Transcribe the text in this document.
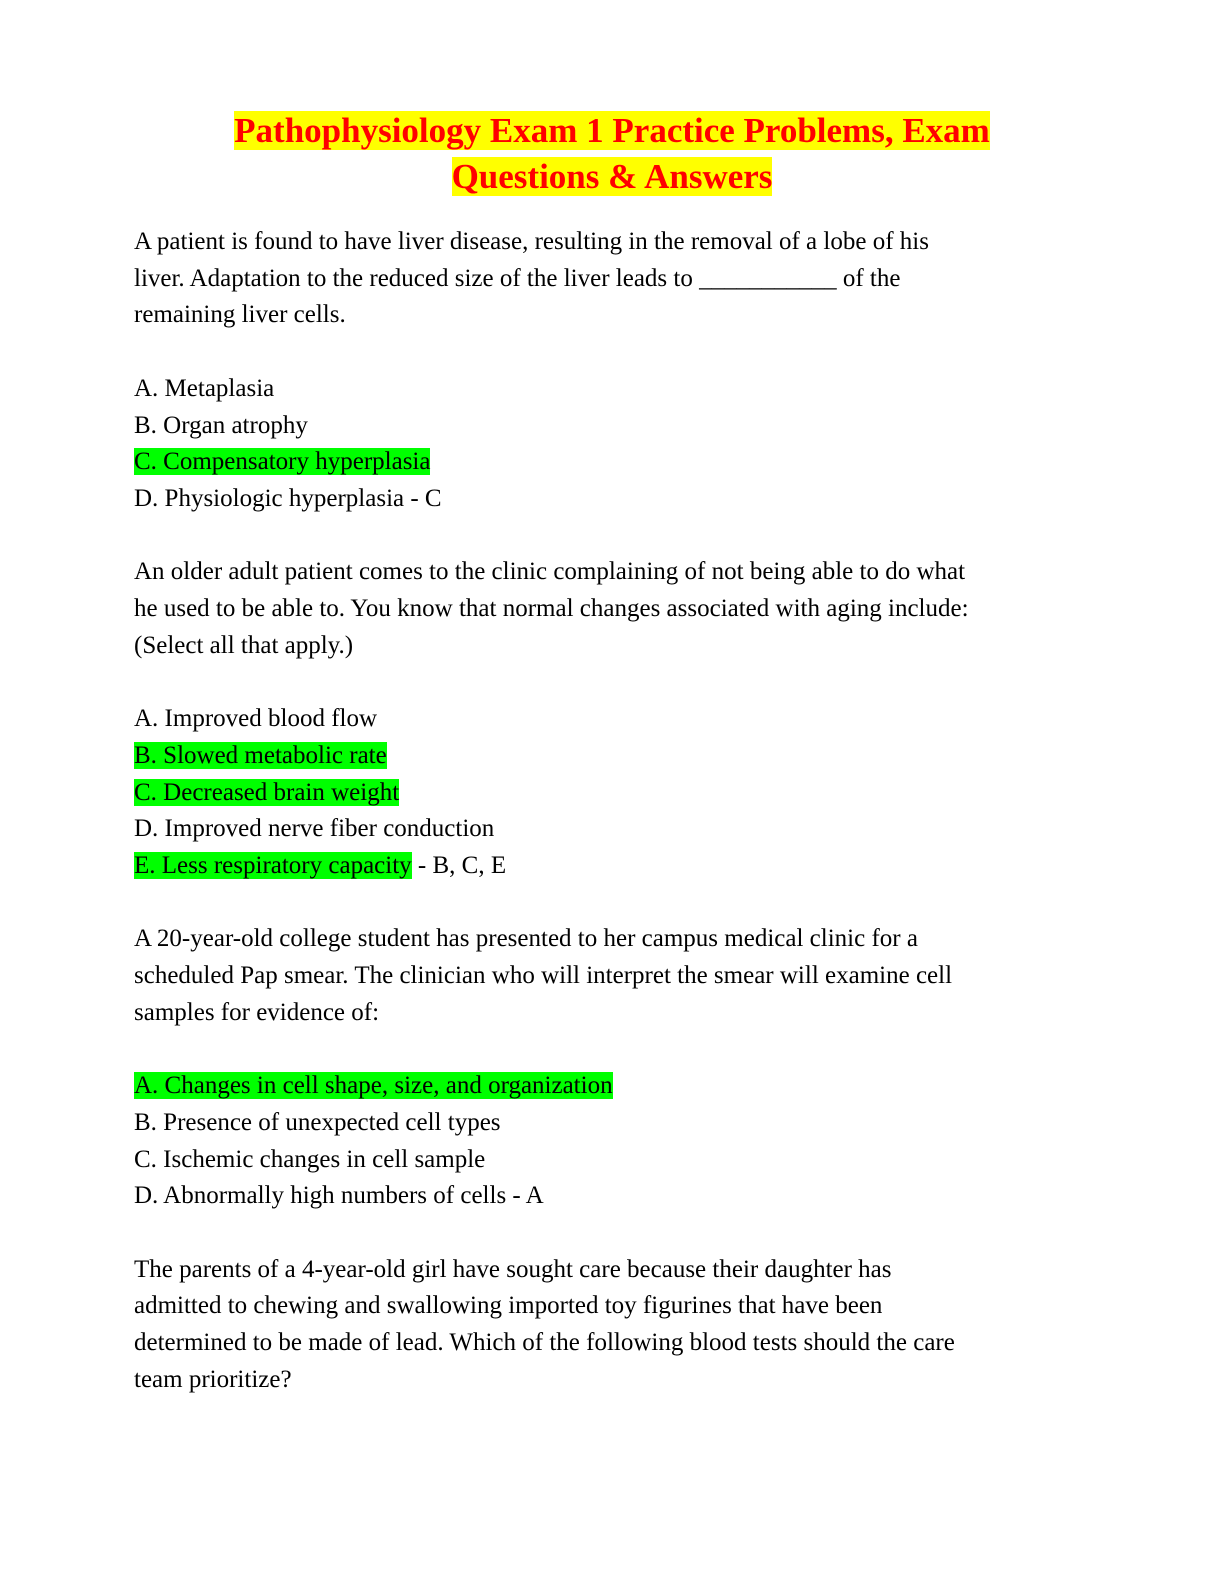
Pathophysiology Exam 1 Practice Problems, Exam
Questions & Answers

A patient is found to have liver disease, resulting in the removal of a lobe of his
liver. Adaptation to the reduced size of the liver leads to ___________ of the
remaining liver cells.

A. Metaplasia
B. Organ atrophy
C. Compensatory hyperplasia
D. Physiologic hyperplasia - C

An older adult patient comes to the clinic complaining of not being able to do what
he used to be able to. You know that normal changes associated with aging include:
(Select all that apply.)

A. Improved blood flow
B. Slowed metabolic rate
C. Decreased brain weight
D. Improved nerve fiber conduction
E. Less respiratory capacity - B, C, E

A 20-year-old college student has presented to her campus medical clinic for a
scheduled Pap smear. The clinician who will interpret the smear will examine cell
samples for evidence of:

A. Changes in cell shape, size, and organization
B. Presence of unexpected cell types
C. Ischemic changes in cell sample
D. Abnormally high numbers of cells - A

The parents of a 4-year-old girl have sought care because their daughter has
admitted to chewing and swallowing imported toy figurines that have been
determined to be made of lead. Which of the following blood tests should the care
team prioritize?
